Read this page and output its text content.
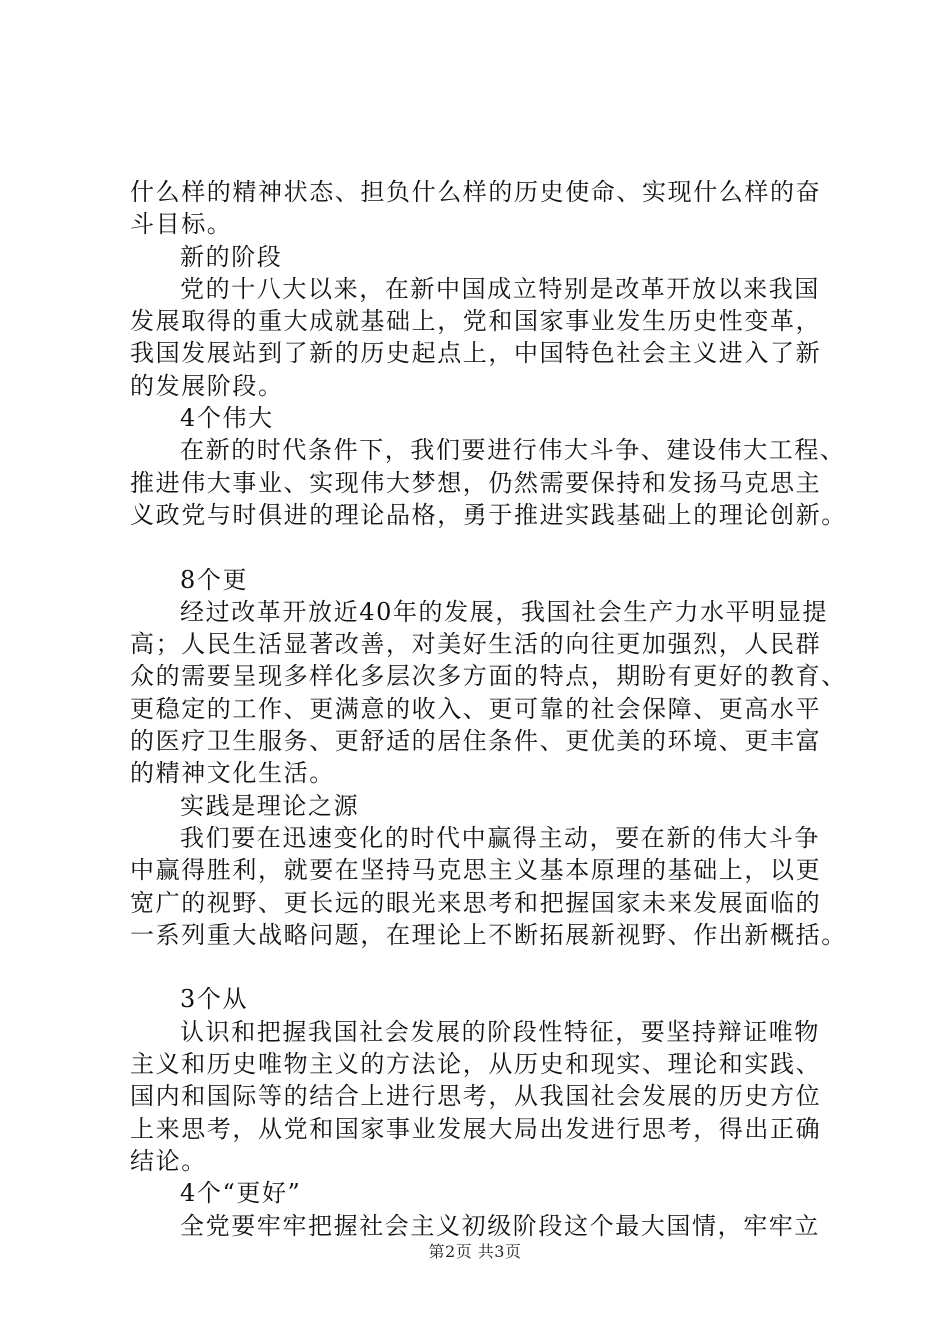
什么样的精神状态、担负什么样的历史使命、实现什么样的奋
斗目标。
新的阶段
党的十八大以来，在新中国成立特别是改革开放以来我国
发展取得的重大成就基础上，党和国家事业发生历史性变革，
我国发展站到了新的历史起点上，中国特色社会主义进入了新
的发展阶段。
4个伟大
在新的时代条件下，我们要进行伟大斗争、建设伟大工程、
推进伟大事业、实现伟大梦想，仍然需要保持和发扬马克思主
义政党与时俱进的理论品格，勇于推进实践基础上的理论创新。
8个更
经过改革开放近40年的发展，我国社会生产力水平明显提
高；人民生活显著改善，对美好生活的向往更加强烈，人民群
众的需要呈现多样化多层次多方面的特点，期盼有更好的教育、
更稳定的工作、更满意的收入、更可靠的社会保障、更高水平
的医疗卫生服务、更舒适的居住条件、更优美的环境、更丰富
的精神文化生活。
实践是理论之源
我们要在迅速变化的时代中赢得主动，要在新的伟大斗争
中赢得胜利，就要在坚持马克思主义基本原理的基础上，以更
宽广的视野、更长远的眼光来思考和把握国家未来发展面临的
一系列重大战略问题，在理论上不断拓展新视野、作出新概括。
3个从
认识和把握我国社会发展的阶段性特征，要坚持辩证唯物
主义和历史唯物主义的方法论，从历史和现实、理论和实践、
国内和国际等的结合上进行思考，从我国社会发展的历史方位
上来思考，从党和国家事业发展大局出发进行思考，得出正确
结论。
4个“更好”
全党要牢牢把握社会主义初级阶段这个最大国情，牢牢立
第2页 共3页
